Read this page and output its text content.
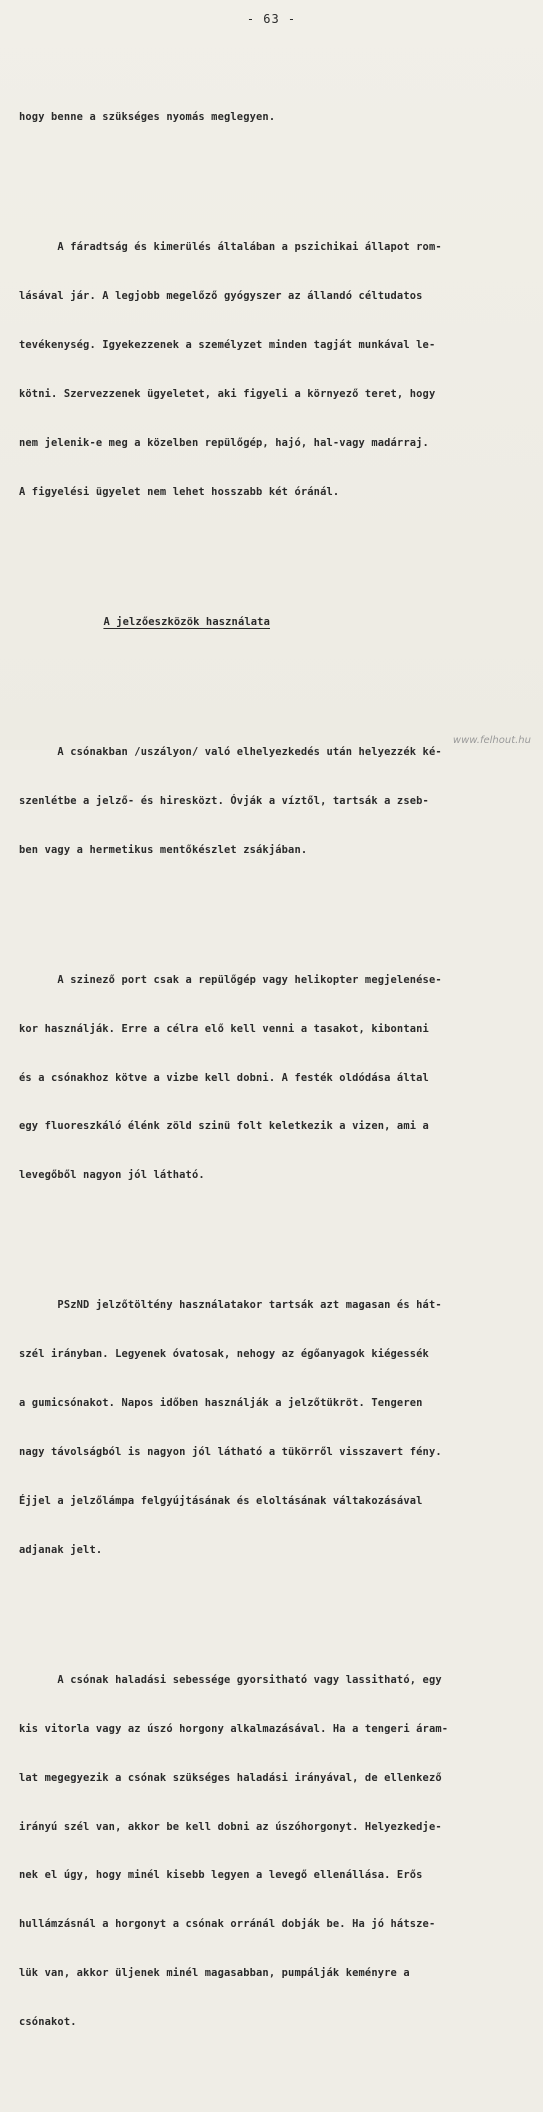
- 63 -

hogy benne a szükséges nyomás meglegyen.

A fáradtság és kimerülés általában a pszichikai állapot rom-

lásával jár. A legjobb megelőző gyógyszer az állandó céltudatos

tevékenység. Igyekezzenek a személyzet minden tagját munkával le-

kötni. Szervezzenek ügyeletet, aki figyeli a környező teret, hogy

nem jelenik-e meg a közelben repülőgép, hajó, hal-vagy madárraj.

A figyelési ügyelet nem lehet hosszabb két óránál.

A jelzőeszközök használata

A csónakban /uszályon/ való elhelyezkedés után helyezzék ké-

szenlétbe a jelző- és hiresközt. Óvják a víztől, tartsák a zseb-

ben vagy a hermetikus mentőkészlet zsákjában.

A szinező port csak a repülőgép vagy helikopter megjelenése-

kor használják. Erre a célra elő kell venni a tasakot, kibontani

és a csónakhoz kötve a vizbe kell dobni. A festék oldódása által

egy fluoreszkáló élénk zöld szinü folt keletkezik a vizen, ami a

levegőből nagyon jól látható.

PSzND jelzőtöltény használatakor tartsák azt magasan és hát-

szél irányban. Legyenek óvatosak, nehogy az égőanyagok kiégessék

a gumicsónakot. Napos időben használják a jelzőtükröt. Tengeren

nagy távolságból is nagyon jól látható a tükörről visszavert fény.

Éjjel a jelzőlámpa felgyújtásának és eloltásának váltakozásával

adjanak jelt.

A csónak haladási sebessége gyorsitható vagy lassitható, egy

kis vitorla vagy az úszó horgony alkalmazásával. Ha a tengeri áram-

lat megegyezik a csónak szükséges haladási irányával, de ellenkező

irányú szél van, akkor be kell dobni az úszóhorgonyt. Helyezkedje-

nek el úgy, hogy minél kisebb legyen a levegő ellenállása. Erős

hullámzásnál a horgonyt a csónak orránál dobják be. Ha jó hátsze-

lük van, akkor üljenek minél magasabban, pumpálják keményre a

csónakot.

www.felhout.hu
